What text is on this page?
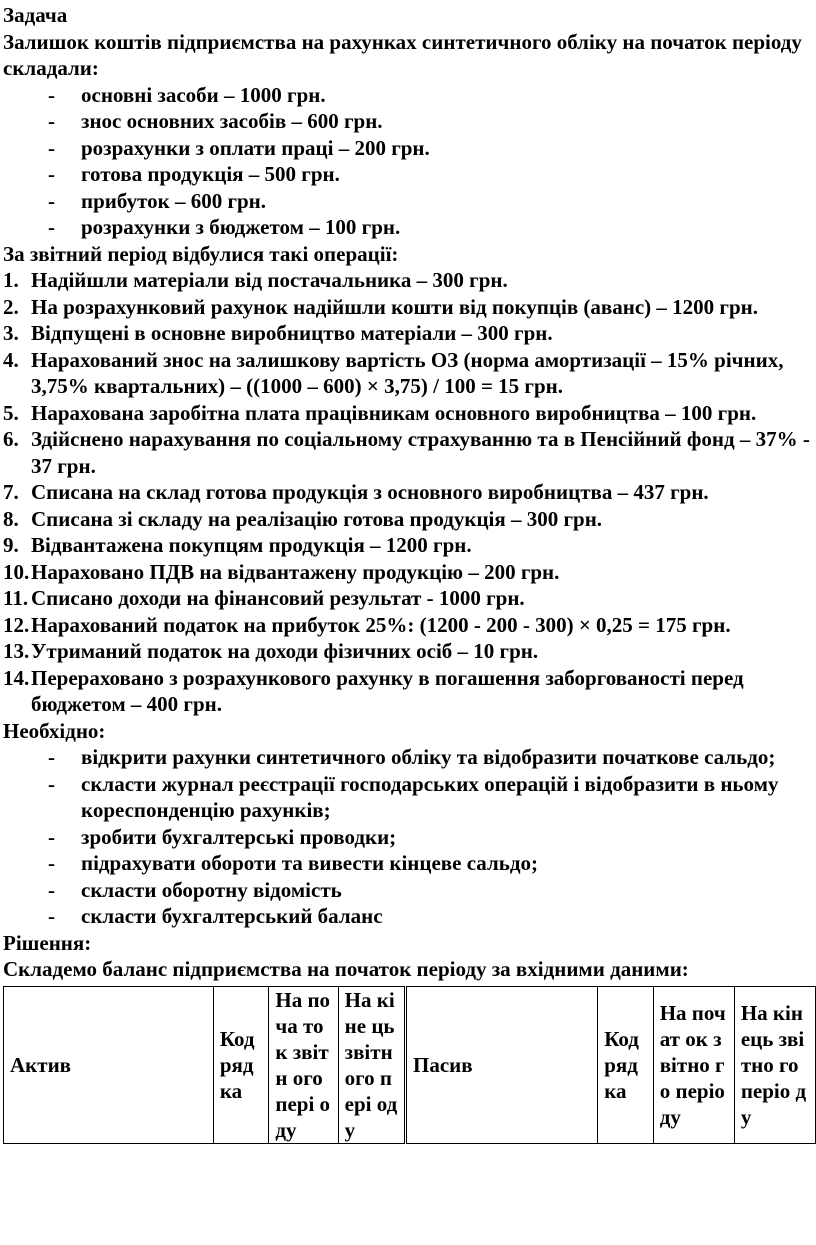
Задача
Залишок коштів підприємства на рахунках синтетичного обліку на початок періоду складали:
-	основні засоби – 1000 грн.
-	знос основних засобів – 600 грн.
-	розрахунки з оплати праці – 200 грн.
-	готова продукція – 500 грн.
-	прибуток – 600 грн.
-	розрахунки з бюджетом – 100 грн.
За звітний період відбулися такі операції:
1. Надійшли матеріали від постачальника – 300 грн.
2. На розрахунковий рахунок надійшли кошти від покупців (аванс) – 1200 грн.
3. Відпущені в основне виробництво матеріали – 300 грн.
4. Нарахований знос на залишкову вартість ОЗ (норма амортизації – 15% річних, 3,75% квартальних) – ((1000 – 600) × 3,75) / 100 = 15 грн.
5. Нарахована заробітна плата працівникам основного виробництва – 100 грн.
6. Здійснено нарахування по соціальному страхуванню та в Пенсійний фонд – 37% - 37 грн.
7. Списана на склад готова продукція з основного виробництва – 437 грн.
8. Списана зі складу на реалізацію готова продукція – 300 грн.
9. Відвантажена покупцям продукція – 1200 грн.
10. Нараховано ПДВ на відвантажену продукцію – 200 грн.
11. Списано доходи на фінансовий результат - 1000 грн.
12. Нарахований податок на прибуток 25%: (1200 - 200 - 300) × 0,25 = 175 грн.
13. Утриманий податок на доходи фізичних осіб – 10 грн.
14. Перераховано з розрахункового рахунку в погашення заборгованості перед бюджетом – 400 грн.
Необхідно:
-	відкрити рахунки синтетичного обліку та відобразити початкове сальдо;
-	скласти журнал реєстрації господарських операцій і відобразити в ньому кореспонденцію рахунків;
-	зробити бухгалтерські проводки;
-	підрахувати обороти та вивести кінцеве сальдо;
-	скласти оборотну відомість
-	скласти бухгалтерський баланс
Рішення:
Складемо баланс підприємства на початок періоду за вхідними даними:
Актив	Код ряд ка	На поча ток звітн ого пері оду	На кіне ць звітн ого пері оду	Пасив	Код ряд ка	На почат ок звітно го періо ду	На кінець звітно го періо ду
